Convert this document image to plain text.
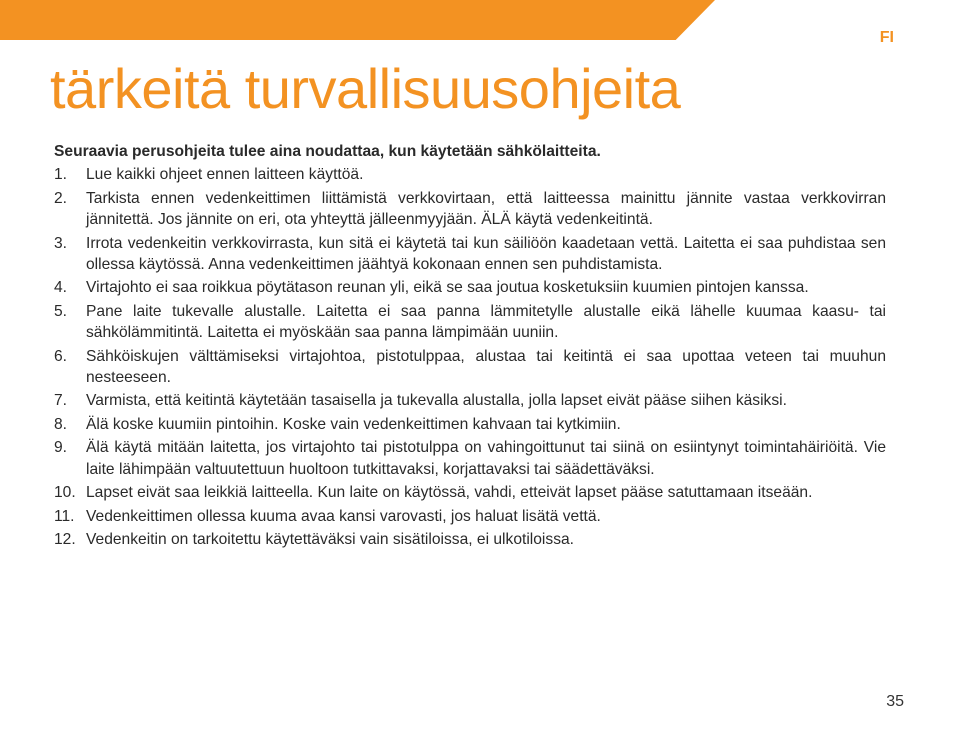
FI
tärkeitä turvallisuusohjeita

Seuraavia perusohjeita tulee aina noudattaa, kun käytetään sähkölaitteita.

1. Lue kaikki ohjeet ennen laitteen käyttöä.
2. Tarkista ennen vedenkeittimen liittämistä verkkovirtaan, että laitteessa mainittu jännite vastaa verkkovirran jännitettä. Jos jännite on eri, ota yhteyttä jälleenmyyjään. ÄLÄ käytä vedenkeitintä.
3. Irrota vedenkeitin verkkovirrasta, kun sitä ei käytetä tai kun säiliöön kaadetaan vettä. Laitetta ei saa puhdistaa sen ollessa käytössä. Anna vedenkeittimen jäähtyä kokonaan ennen sen puhdistamista.
4. Virtajohto ei saa roikkua pöytätason reunan yli, eikä se saa joutua kosketuksiin kuumien pintojen kanssa.
5. Pane laite tukevalle alustalle. Laitetta ei saa panna lämmitetylle alustalle eikä lähelle kuumaa kaasu- tai sähkölämmitintä. Laitetta ei myöskään saa panna lämpimään uuniin.
6. Sähköiskujen välttämiseksi virtajohtoa, pistotulppaa, alustaa tai keitintä ei saa upottaa veteen tai muuhun nesteeseen.
7. Varmista, että keitintä käytetään tasaisella ja tukevalla alustalla, jolla lapset eivät pääse siihen käsiksi.
8. Älä koske kuumiin pintoihin. Koske vain vedenkeittimen kahvaan tai kytkimiin.
9. Älä käytä mitään laitetta, jos virtajohto tai pistotulppa on vahingoittunut tai siinä on esiintynyt toimintahäiriöitä. Vie laite lähimpään valtuutettuun huoltoon tutkittavaksi, korjattavaksi tai säädettäväksi.
10. Lapset eivät saa leikkiä laitteella. Kun laite on käytössä, vahdi, etteivät lapset pääse satuttamaan itseään.
11. Vedenkeittimen ollessa kuuma avaa kansi varovasti, jos haluat lisätä vettä.
12. Vedenkeitin on tarkoitettu käytettäväksi vain sisätiloissa, ei ulkotiloissa.
35
